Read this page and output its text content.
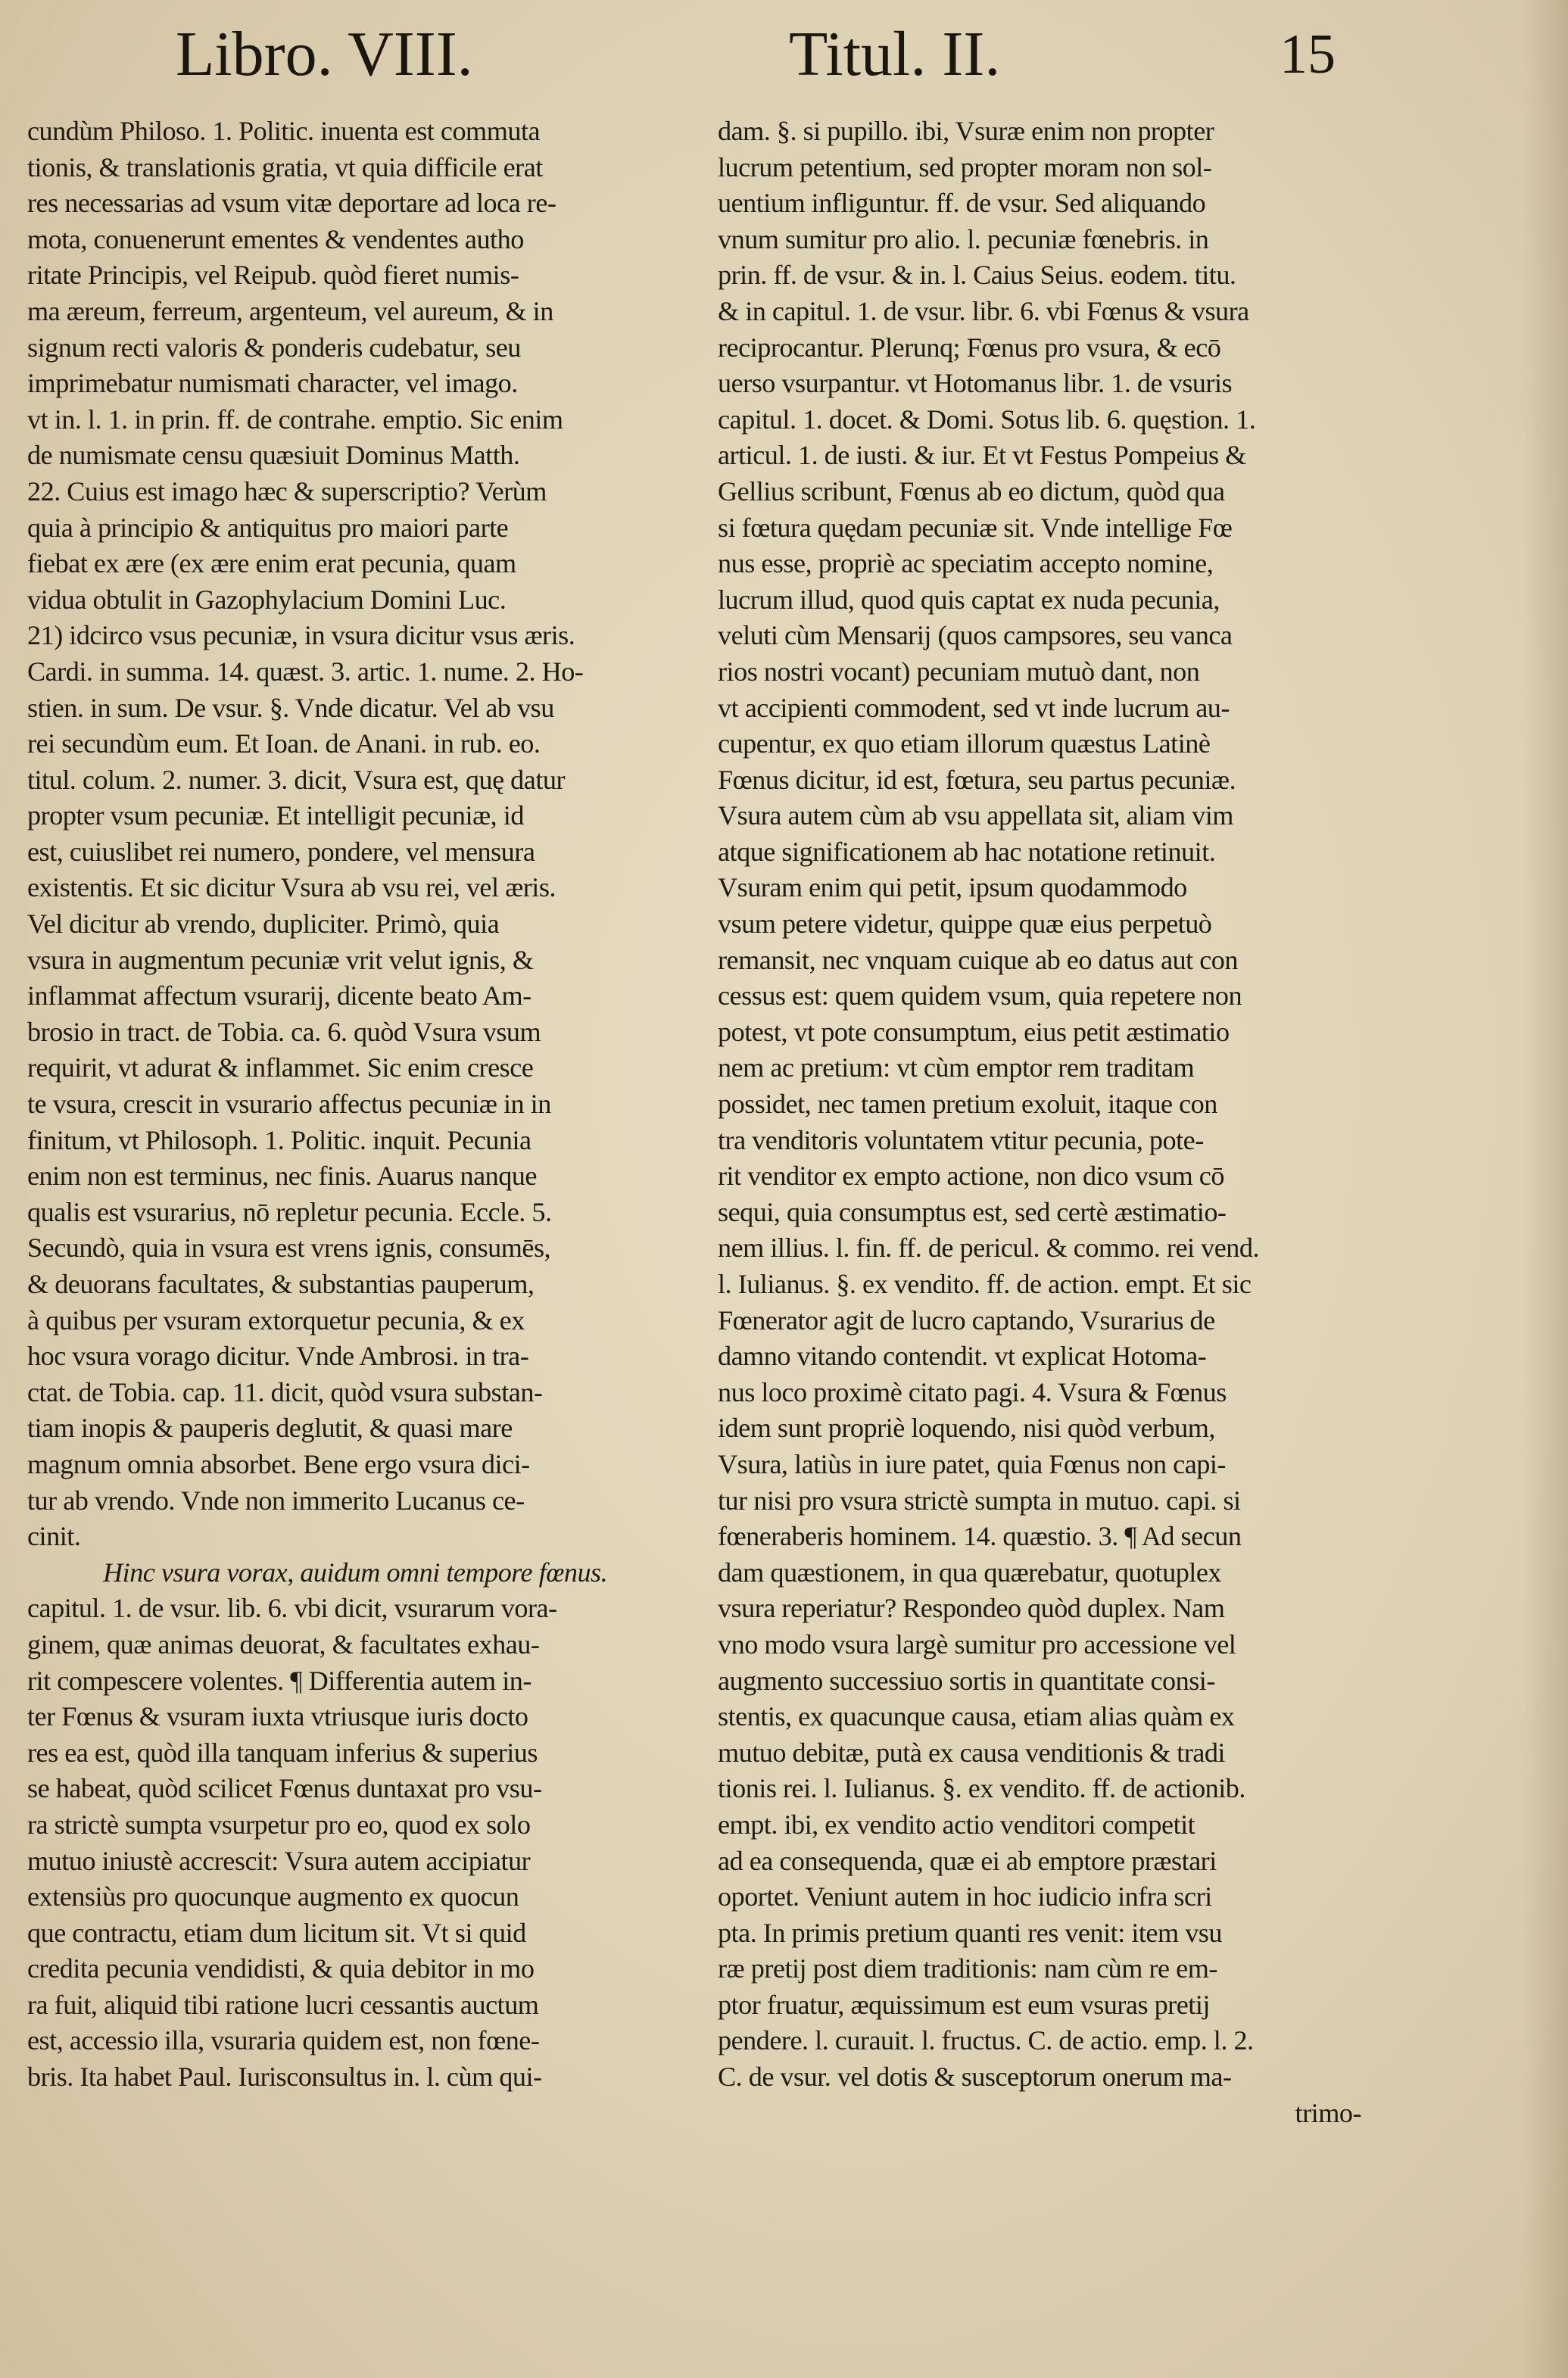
Libro. VIII.	Titul. II.	15
cundùm Philoso. 1. Politic. inuenta est commuta
tionis, & translationis gratia, vt quia difficile erat
res necessarias ad vsum vitæ deportare ad loca re-
mota, conuenerunt ementes & vendentes autho
ritate Principis, vel Reipub. quòd fieret numis-
ma æreum, ferreum, argenteum, vel aureum, & in
signum recti valoris & ponderis cudebatur, seu
imprimebatur numismati character, vel imago.
vt in. l. 1. in prin. ff. de contrahe. emptio. Sic enim
de numismate censu quæsiuit Dominus Matth.
22. Cuius est imago hæc & superscriptio? Verùm
quia à principio & antiquitus pro maiori parte
fiebat ex ære (ex ære enim erat pecunia, quam
vidua obtulit in Gazophylacium Domini Luc.
21) idcirco vsus pecuniæ, in vsura dicitur vsus æris.
Cardi. in summa. 14. quæst. 3. artic. 1. nume. 2. Ho-
stien. in sum. De vsur. §. Vnde dicatur. Vel ab vsu
rei secundùm eum. Et Ioan. de Anani. in rub. eo.
titul. colum. 2. numer. 3. dicit, Vsura est, quę datur
propter vsum pecuniæ. Et intelligit pecuniæ, id
est, cuiuslibet rei numero, pondere, vel mensura
existentis. Et sic dicitur Vsura ab vsu rei, vel æris.
Vel dicitur ab vrendo, dupliciter. Primò, quia
vsura in augmentum pecuniæ vrit velut ignis, &
inflammat affectum vsurarij, dicente beato Am-
brosio in tract. de Tobia. ca. 6. quòd Vsura vsum
requirit, vt adurat & inflammet. Sic enim cresce
te vsura, crescit in vsurario affectus pecuniæ in in
finitum, vt Philosoph. 1. Politic. inquit. Pecunia
enim non est terminus, nec finis. Auarus nanque
qualis est vsurarius, nō repletur pecunia. Eccle. 5.
Secundò, quia in vsura est vrens ignis, consumēs,
& deuorans facultates, & substantias pauperum,
à quibus per vsuram extorquetur pecunia, & ex
hoc vsura vorago dicitur. Vnde Ambrosi. in tra-
ctat. de Tobia. cap. 11. dicit, quòd vsura substan-
tiam inopis & pauperis deglutit, & quasi mare
magnum omnia absorbet. Bene ergo vsura dici-
tur ab vrendo. Vnde non immerito Lucanus ce-
cinit.
Hinc vsura vorax, auidum omni tempore fœnus.
capitul. 1. de vsur. lib. 6. vbi dicit, vsurarum vora-
ginem, quæ animas deuorat, & facultates exhau-
rit compescere volentes. ¶ Differentia autem in-
ter Fœnus & vsuram iuxta vtriusque iuris docto
res ea est, quòd illa tanquam inferius & superius
se habeat, quòd scilicet Fœnus duntaxat pro vsu-
ra strictè sumpta vsurpetur pro eo, quod ex solo
mutuo iniustè accrescit: Vsura autem accipiatur
extensiùs pro quocunque augmento ex quocun
que contractu, etiam dum licitum sit. Vt si quid
credita pecunia vendidisti, & quia debitor in mo
ra fuit, aliquid tibi ratione lucri cessantis auctum
est, accessio illa, vsuraria quidem est, non fœne-
bris. Ita habet Paul. Iurisconsultus in. l. cùm qui-
dam. §. si pupillo. ibi, Vsuræ enim non propter
lucrum petentium, sed propter moram non sol-
uentium infliguntur. ff. de vsur. Sed aliquando
vnum sumitur pro alio. l. pecuniæ fœnebris. in
prin. ff. de vsur. & in. l. Caius Seius. eodem. titu.
& in capitul. 1. de vsur. libr. 6. vbi Fœnus & vsura
reciprocantur. Plerunq; Fœnus pro vsura, & ecō
uerso vsurpantur. vt Hotomanus libr. 1. de vsuris
capitul. 1. docet. & Domi. Sotus lib. 6. quęstion. 1.
articul. 1. de iusti. & iur. Et vt Festus Pompeius &
Gellius scribunt, Fœnus ab eo dictum, quòd qua
si fœtura quędam pecuniæ sit. Vnde intellige Fœ
nus esse, propriè ac speciatim accepto nomine,
lucrum illud, quod quis captat ex nuda pecunia,
veluti cùm Mensarij (quos campsores, seu vanca
rios nostri vocant) pecuniam mutuò dant, non
vt accipienti commodent, sed vt inde lucrum au-
cupentur, ex quo etiam illorum quæstus Latinè
Fœnus dicitur, id est, fœtura, seu partus pecuniæ.
Vsura autem cùm ab vsu appellata sit, aliam vim
atque significationem ab hac notatione retinuit.
Vsuram enim qui petit, ipsum quodammodo
vsum petere videtur, quippe quæ eius perpetuò
remansit, nec vnquam cuique ab eo datus aut con
cessus est: quem quidem vsum, quia repetere non
potest, vt pote consumptum, eius petit æstimatio
nem ac pretium: vt cùm emptor rem traditam
possidet, nec tamen pretium exoluit, itaque con
tra venditoris voluntatem vtitur pecunia, pote-
rit venditor ex empto actione, non dico vsum cō
sequi, quia consumptus est, sed certè æstimatio-
nem illius. l. fin. ff. de pericul. & commo. rei vend.
l. Iulianus. §. ex vendito. ff. de action. empt. Et sic
Fœnerator agit de lucro captando, Vsurarius de
damno vitando contendit. vt explicat Hotoma-
nus loco proximè citato pagi. 4. Vsura & Fœnus
idem sunt propriè loquendo, nisi quòd verbum,
Vsura, latiùs in iure patet, quia Fœnus non capi-
tur nisi pro vsura strictè sumpta in mutuo. capi. si
fœneraberis hominem. 14. quæstio. 3. ¶ Ad secun
dam quæstionem, in qua quærebatur, quotuplex
vsura reperiatur? Respondeo quòd duplex. Nam
vno modo vsura largè sumitur pro accessione vel
augmento successiuo sortis in quantitate consi-
stentis, ex quacunque causa, etiam alias quàm ex
mutuo debitæ, putà ex causa venditionis & tradi
tionis rei. l. Iulianus. §. ex vendito. ff. de actionib.
empt. ibi, ex vendito actio venditori competit
ad ea consequenda, quæ ei ab emptore præstari
oportet. Veniunt autem in hoc iudicio infra scri
pta. In primis pretium quanti res venit: item vsu
ræ pretij post diem traditionis: nam cùm re em-
ptor fruatur, æquissimum est eum vsuras pretij
pendere. l. curauit. l. fructus. C. de actio. emp. l. 2.
C. de vsur. vel dotis & susceptorum onerum ma-
trimo-
